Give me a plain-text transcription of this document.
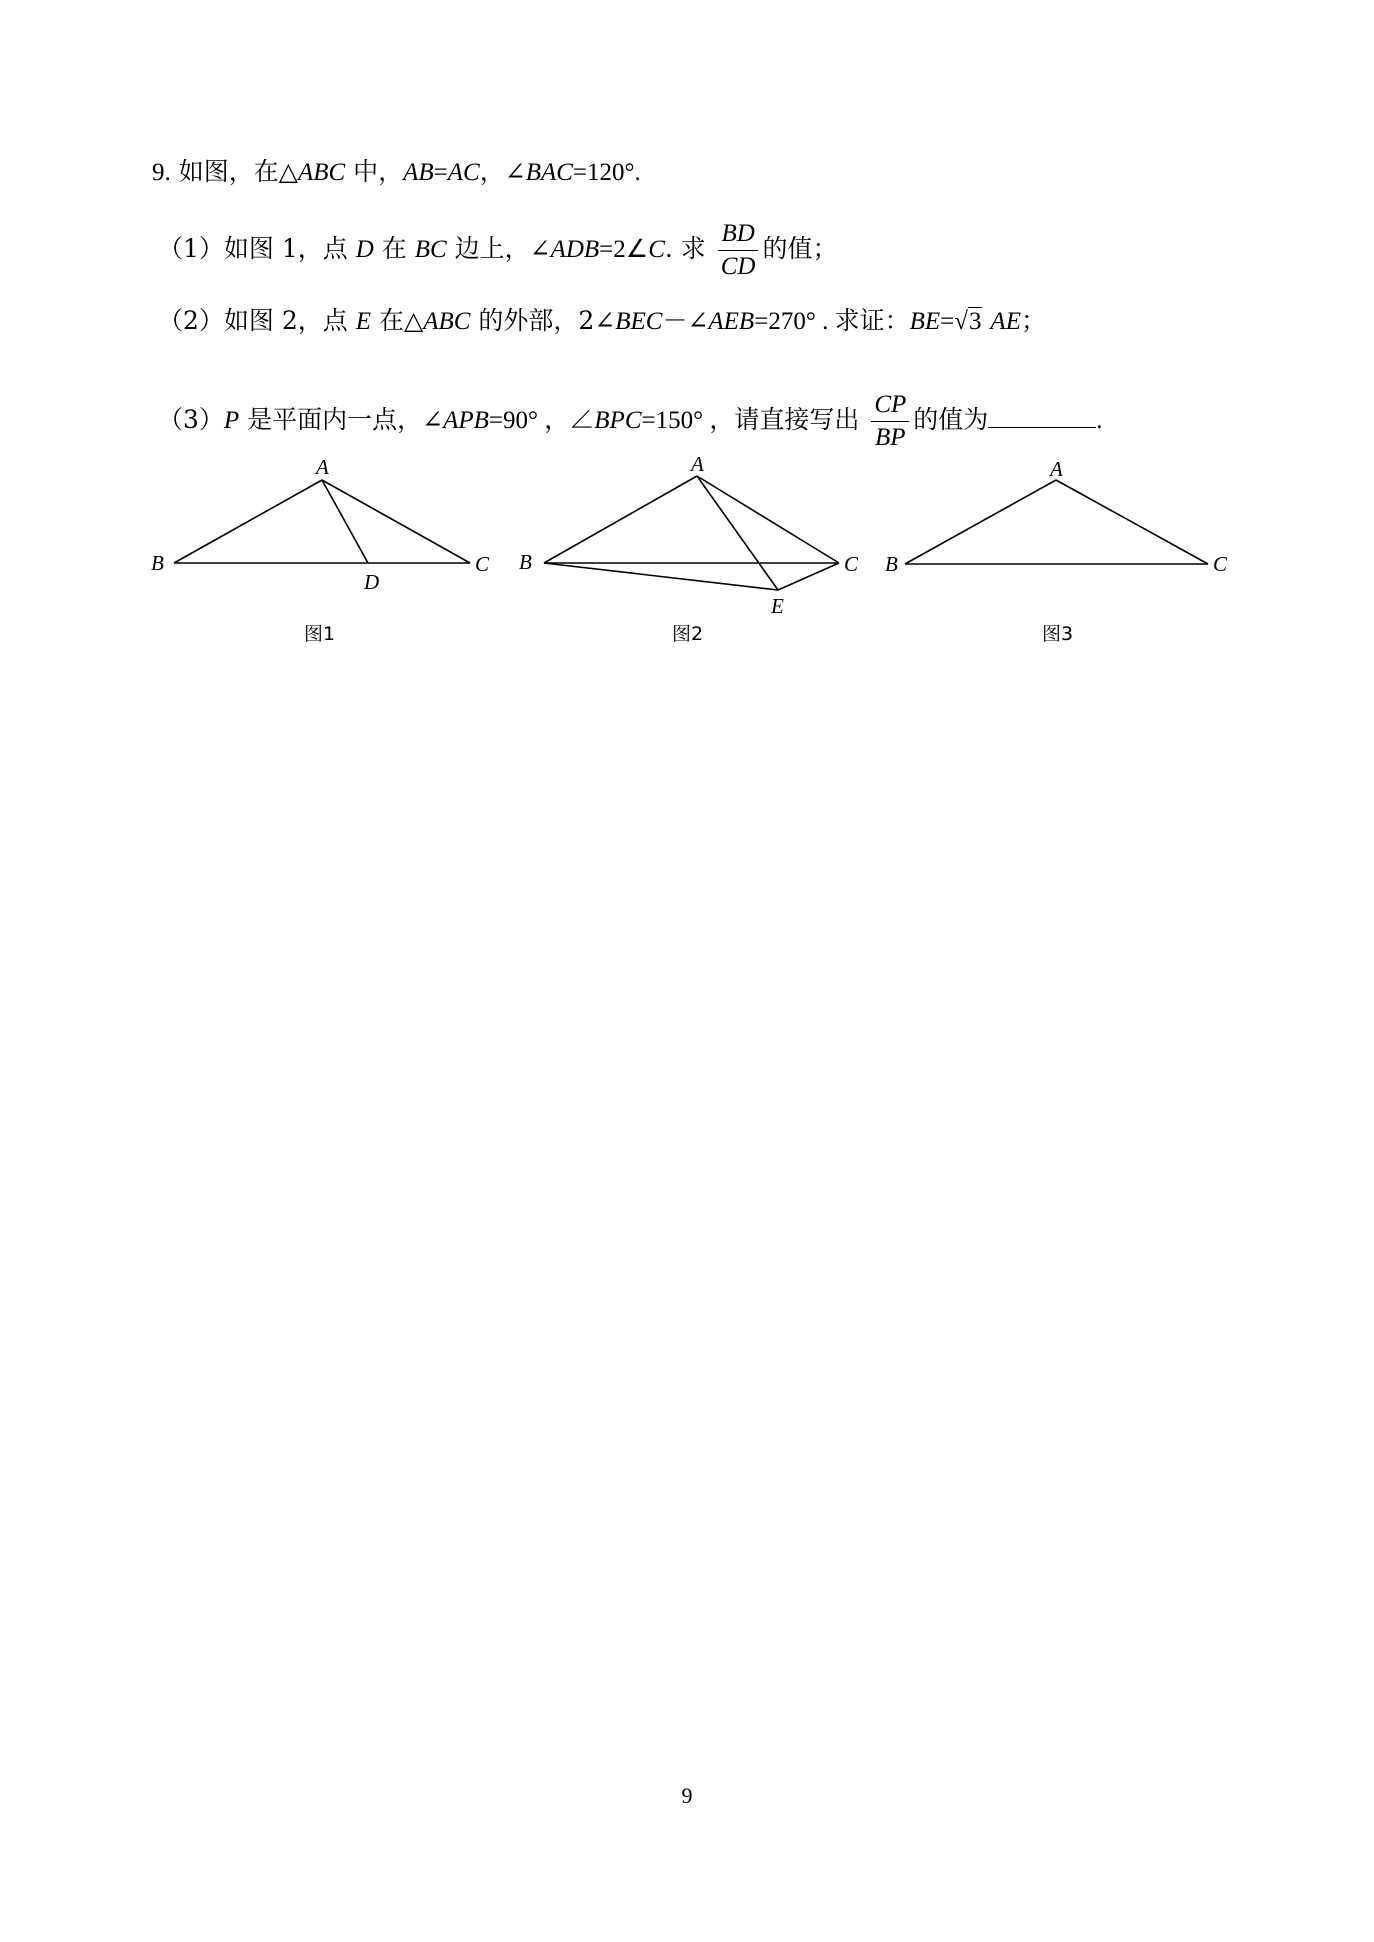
9. 如图，在△ABC 中，AB=AC，∠BAC=120°.
（1）如图 1，点 D 在 BC 边上，∠ADB=2∠C. 求 $\frac{BD}{CD}$ 的值；
（2）如图 2，点 E 在△ABC 的外部，2∠BEC－∠AEB=270° . 求证：BE=√3 AE；
（3）P 是平面内一点，∠APB=90° ，∠BPC=150° ，请直接写出 $\frac{CP}{BP}$ 的值为	.
A
B	C
D
图1
A
B	C
E
图2
A
B	C
图3
9
